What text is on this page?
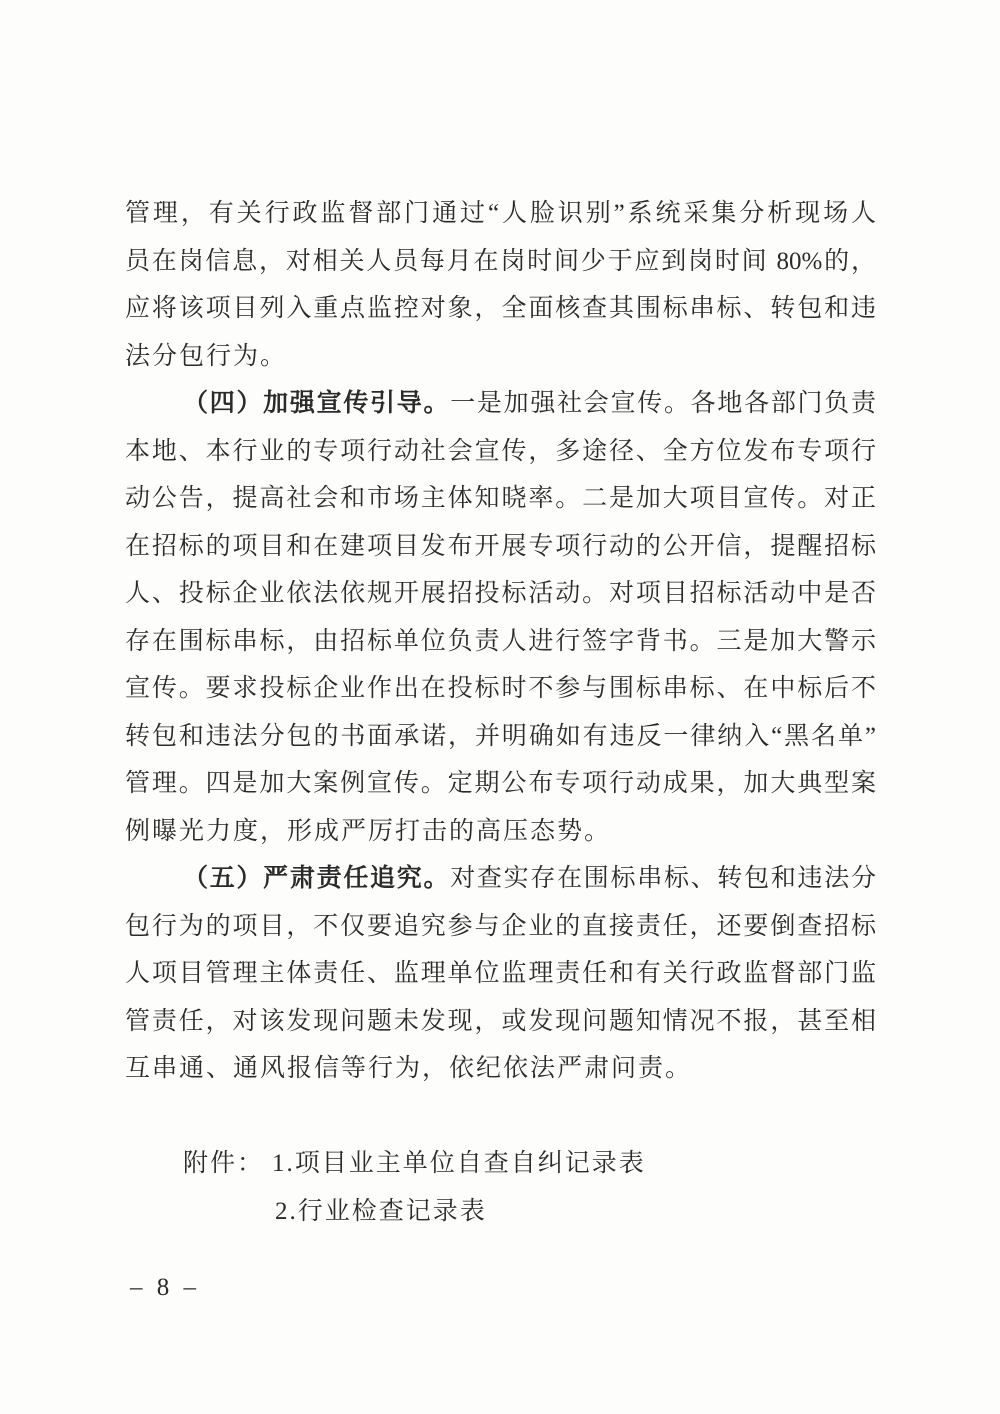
管理，有关行政监督部门通过“人脸识别”系统采集分析现场人
员在岗信息，对相关人员每月在岗时间少于应到岗时间 80%的，
应将该项目列入重点监控对象，全面核查其围标串标、转包和违
法分包行为。
（四）加强宣传引导。一是加强社会宣传。各地各部门负责
本地、本行业的专项行动社会宣传，多途径、全方位发布专项行
动公告，提高社会和市场主体知晓率。二是加大项目宣传。对正
在招标的项目和在建项目发布开展专项行动的公开信，提醒招标
人、投标企业依法依规开展招投标活动。对项目招标活动中是否
存在围标串标，由招标单位负责人进行签字背书。三是加大警示
宣传。要求投标企业作出在投标时不参与围标串标、在中标后不
转包和违法分包的书面承诺，并明确如有违反一律纳入“黑名单”
管理。四是加大案例宣传。定期公布专项行动成果，加大典型案
例曝光力度，形成严厉打击的高压态势。
（五）严肃责任追究。对查实存在围标串标、转包和违法分
包行为的项目，不仅要追究参与企业的直接责任，还要倒查招标
人项目管理主体责任、监理单位监理责任和有关行政监督部门监
管责任，对该发现问题未发现，或发现问题知情况不报，甚至相
互串通、通风报信等行为，依纪依法严肃问责。
附件： 1.项目业主单位自查自纠记录表
2.行业检查记录表
– 8 –
